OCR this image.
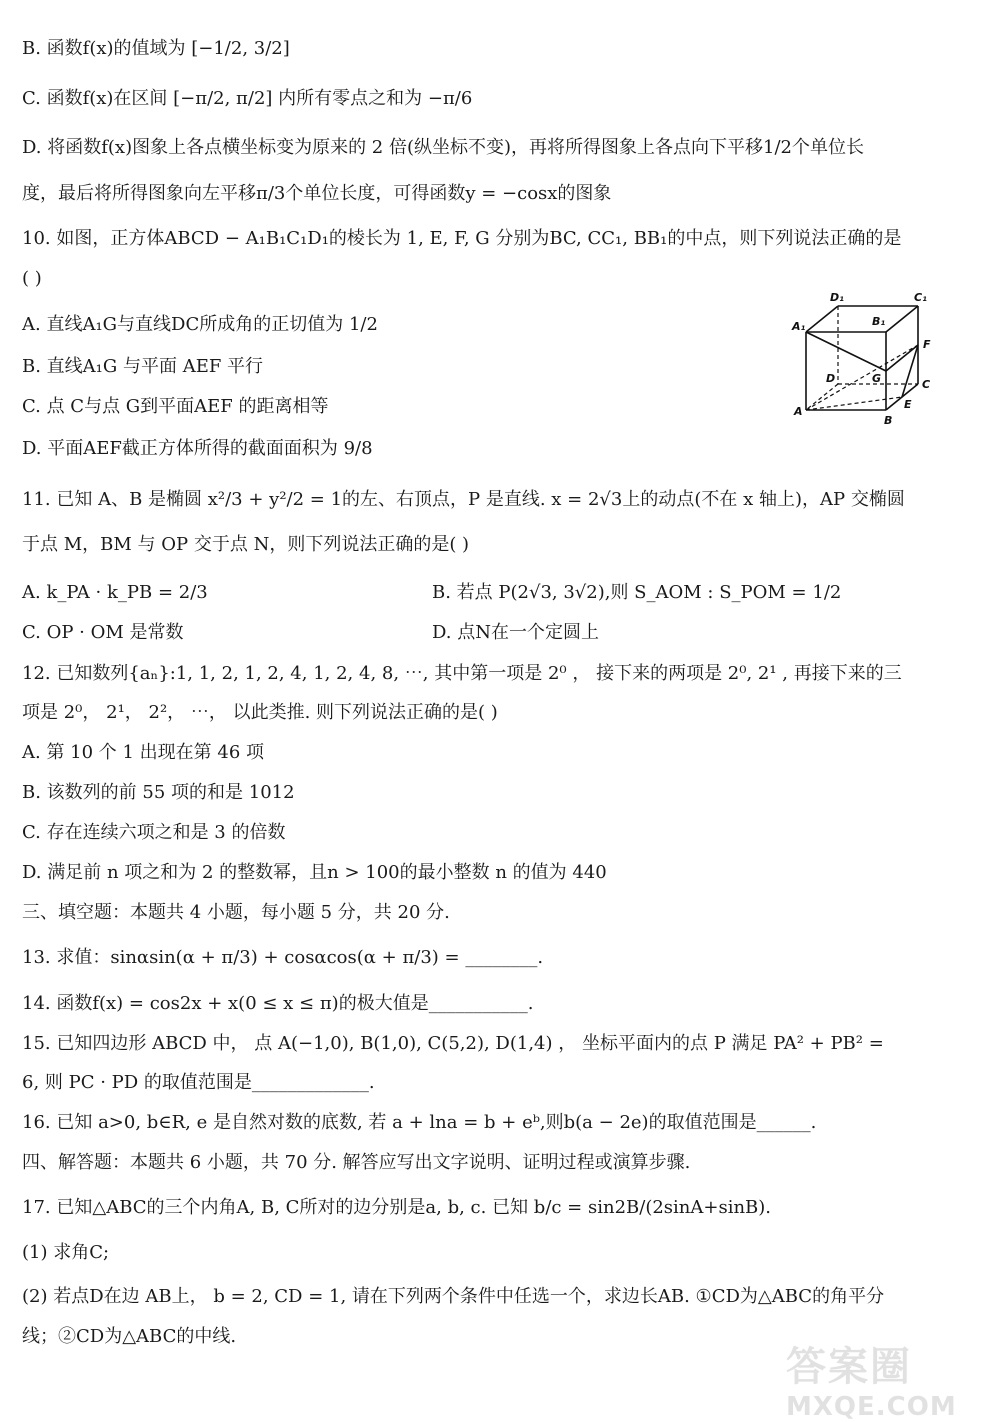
B. 函数f(x)的值域为 [−1/2, 3/2]
C. 函数f(x)在区间 [−π/2, π/2] 内所有零点之和为 −π/6
D. 将函数f(x)图象上各点横坐标变为原来的 2 倍(纵坐标不变)，再将所得图象上各点向下平移1/2个单位长
度，最后将所得图象向左平移π/3个单位长度，可得函数y = −cosx的图象
10. 如图，正方体ABCD − A₁B₁C₁D₁的棱长为 1, E, F, G 分别为BC, CC₁, BB₁的中点，则下列说法正确的是
( )
A. 直线A₁G与直线DC所成角的正切值为 1/2
B. 直线A₁G 与平面 AEF 平行
C. 点 C与点 G到平面AEF 的距离相等
D. 平面AEF截正方体所得的截面面积为 9/8
11. 已知 A、B 是椭圆 x²/3 + y²/2 = 1的左、右顶点，P 是直线. x = 2√3上的动点(不在 x 轴上)，AP 交椭圆
于点 M，BM 与 OP 交于点 N，则下列说法正确的是( )
A. k_PA · k_PB = 2/3	B. 若点 P(2√3, 3√2),则 S_AOM : S_POM = 1/2
C. OP · OM 是常数	D. 点N在一个定圆上
12. 已知数列{aₙ}:1, 1, 2, 1, 2, 4, 1, 2, 4, 8, ⋯, 其中第一项是 2⁰ ， 接下来的两项是 2⁰, 2¹ , 再接下来的三
项是 2⁰， 2¹， 2²， ⋯， 以此类推. 则下列说法正确的是( )
A. 第 10 个 1 出现在第 46 项
B. 该数列的前 55 项的和是 1012
C. 存在连续六项之和是 3 的倍数
D. 满足前 n 项之和为 2 的整数幂，且n > 100的最小整数 n 的值为 440
三、填空题：本题共 4 小题，每小题 5 分，共 20 分.
13. 求值：sinαsin(α + π/3) + cosαcos(α + π/3) = ________.
14. 函数f(x) = cos2x + x(0 ≤ x ≤ π)的极大值是___________.
15. 已知四边形 ABCD 中， 点 A(−1,0), B(1,0), C(5,2), D(1,4) ， 坐标平面内的点 P 满足 PA² + PB² =
6, 则 PC · PD 的取值范围是_____________.
16. 已知 a>0, b∈R, e 是自然对数的底数, 若 a + lna = b + eᵇ,则b(a − 2e)的取值范围是______.
四、解答题：本题共 6 小题，共 70 分. 解答应写出文字说明、证明过程或演算步骤.
17. 已知△ABC的三个内角A, B, C所对的边分别是a, b, c. 已知 b/c = sin2B/(2sinA+sinB).
(1) 求角C;
(2) 若点D在边 AB上， b = 2, CD = 1, 请在下列两个条件中任选一个，求边长AB. ①CD为△ABC的角平分
线；②CD为△ABC的中线.
D₁	C₁
A₁	B₁
F
D	G	C
A
E
B
答案圈
MXQE.COM
